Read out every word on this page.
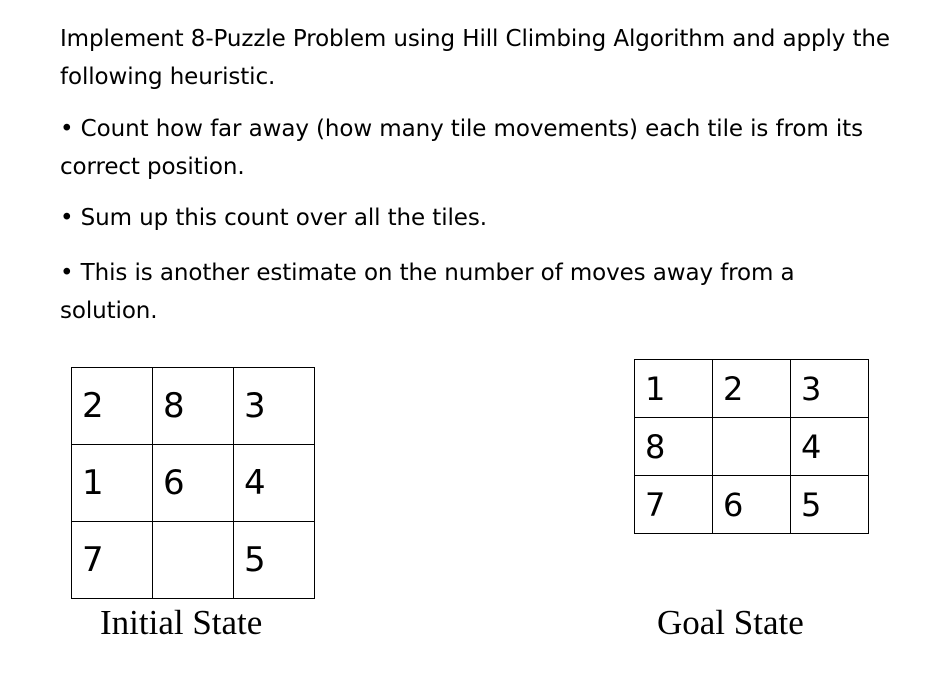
Implement 8-Puzzle Problem using Hill Climbing Algorithm and apply the following heuristic.

• Count how far away (how many tile movements) each tile is from its correct position.

• Sum up this count over all the tiles.

• This is another estimate on the number of moves away from a solution.

2	8	3
1	6	4
7		5
Initial State
1	2	3
8		4
7	6	5
Goal State
